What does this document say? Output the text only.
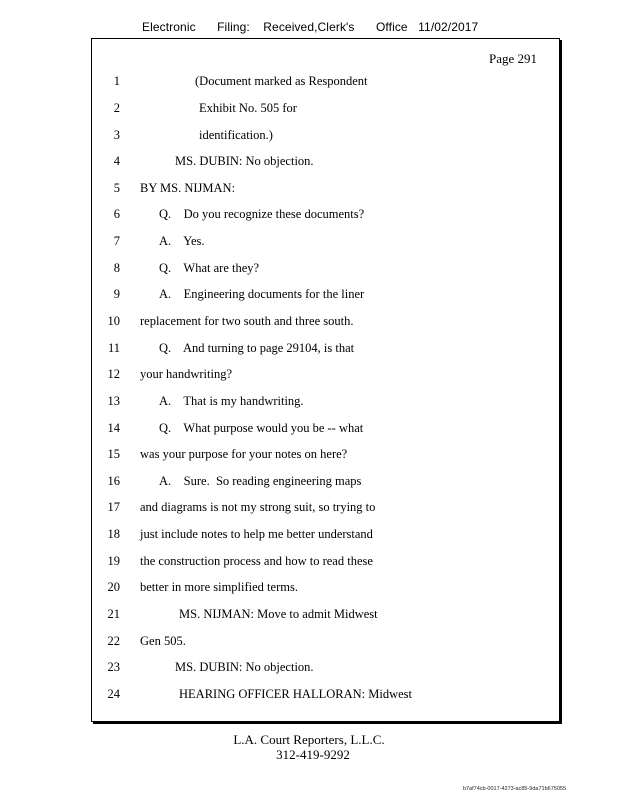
Electronic Filing: Received,Clerk's Office 11/02/2017
Page 291
1	(Document marked as Respondent
2	Exhibit No. 505 for
3	identification.)
4	MS. DUBIN: No objection.
5 BY MS. NIJMAN:
6	Q.    Do you recognize these documents?
7	A.    Yes.
8	Q.    What are they?
9	A.    Engineering documents for the liner
10 replacement for two south and three south.
11	Q.    And turning to page 29104, is that
12 your handwriting?
13	A.    That is my handwriting.
14	Q.    What purpose would you be -- what
15 was your purpose for your notes on here?
16	A.    Sure.  So reading engineering maps
17 and diagrams is not my strong suit, so trying to
18 just include notes to help me better understand
19 the construction process and how to read these
20 better in more simplified terms.
21	MS. NIJMAN: Move to admit Midwest
22 Gen 505.
23	MS. DUBIN: No objection.
24	HEARING OFFICER HALLORAN: Midwest
L.A. Court Reporters, L.L.C.
312-419-9292
b7af74cb-0017-4273-ac85-9da71b675055
